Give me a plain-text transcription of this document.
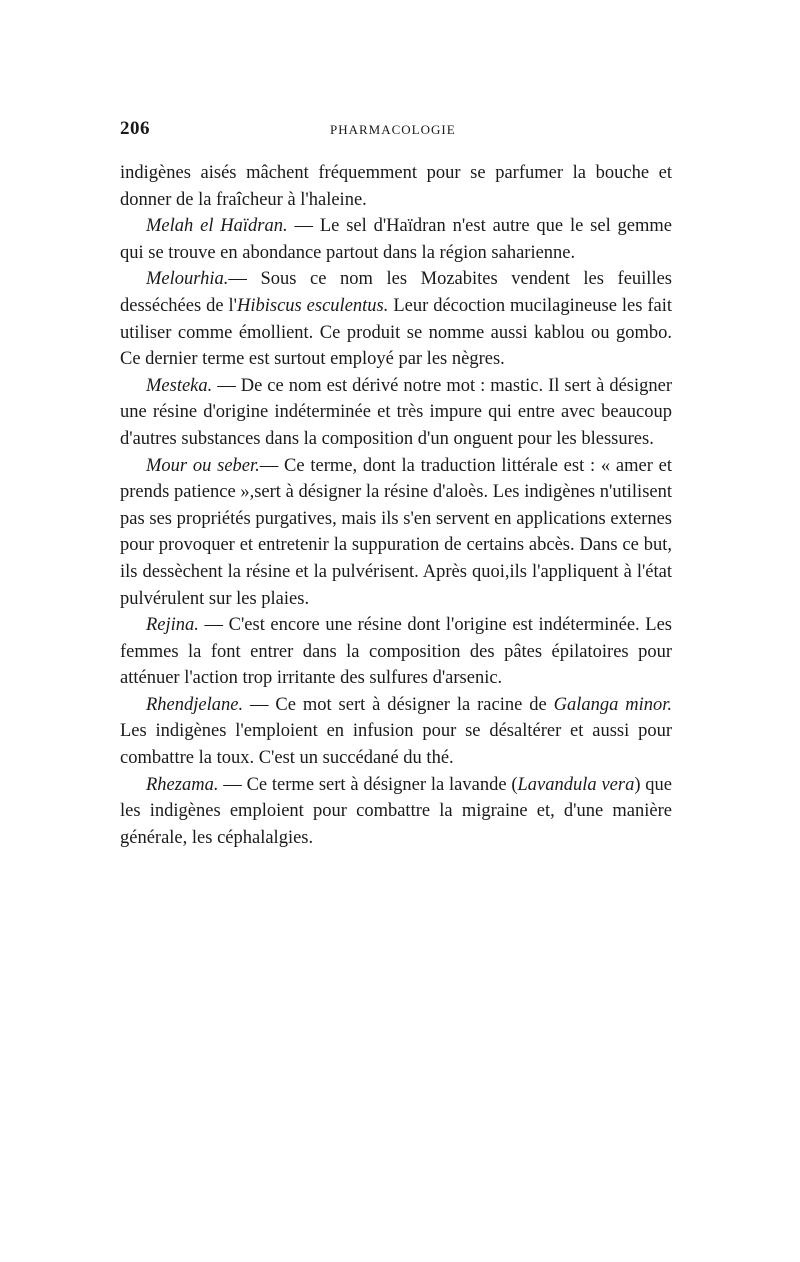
206	PHARMACOLOGIE

indigènes aisés mâchent fréquemment pour se parfumer la bouche et donner de la fraîcheur à l'haleine.

Melah el Haïdran. — Le sel d'Haïdran n'est autre que le sel gemme qui se trouve en abondance partout dans la région saharienne.

Melourhia.— Sous ce nom les Mozabites vendent les feuilles desséchées de l'Hibiscus esculentus. Leur décoction mucilagineuse les fait utiliser comme émollient. Ce produit se nomme aussi kablou ou gombo. Ce dernier terme est surtout employé par les nègres.

Mesteka. — De ce nom est dérivé notre mot : mastic. Il sert à désigner une résine d'origine indéterminée et très impure qui entre avec beaucoup d'autres substances dans la composition d'un onguent pour les blessures.

Mour ou seber.— Ce terme, dont la traduction littérale est : « amer et prends patience »,sert à désigner la résine d'aloès. Les indigènes n'utilisent pas ses propriétés purgatives, mais ils s'en servent en applications externes pour provoquer et entretenir la suppuration de certains abcès. Dans ce but, ils dessèchent la résine et la pulvérisent. Après quoi,ils l'appliquent à l'état pulvérulent sur les plaies.

Rejina. — C'est encore une résine dont l'origine est indéterminée. Les femmes la font entrer dans la composition des pâtes épilatoires pour atténuer l'action trop irritante des sulfures d'arsenic.

Rhendjelane. — Ce mot sert à désigner la racine de Galanga minor. Les indigènes l'emploient en infusion pour se désaltérer et aussi pour combattre la toux. C'est un succédané du thé.

Rhezama. — Ce terme sert à désigner la lavande (Lavandula vera) que les indigènes emploient pour combattre la migraine et, d'une manière générale, les céphalalgies.
